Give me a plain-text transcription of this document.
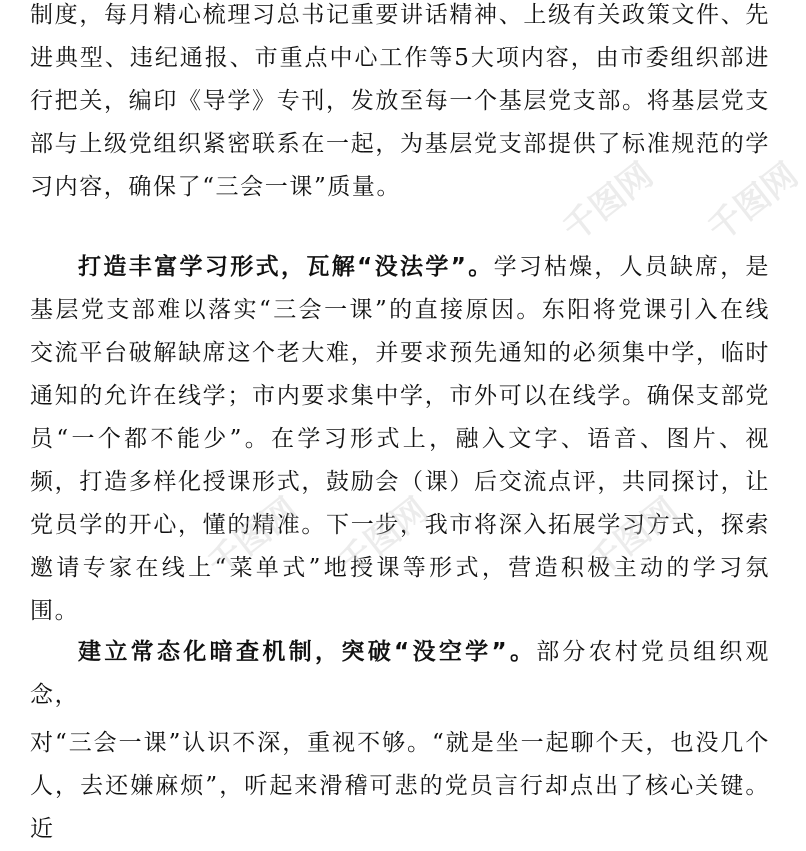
制度，每月精心梳理习总书记重要讲话精神、上级有关政策文件、先进典型、违纪通报、市重点中心工作等5大项内容，由市委组织部进行把关，编印《导学》专刊，发放至每一个基层党支部。将基层党支部与上级党组织紧密联系在一起，为基层党支部提供了标准规范的学习内容，确保了“三会一课”质量。

打造丰富学习形式，瓦解“没法学”。学习枯燥，人员缺席，是基层党支部难以落实“三会一课”的直接原因。东阳将党课引入在线交流平台破解缺席这个老大难，并要求预先通知的必须集中学，临时通知的允许在线学；市内要求集中学，市外可以在线学。确保支部党员“一个都不能少”。在学习形式上，融入文字、语音、图片、视频，打造多样化授课形式，鼓励会（课）后交流点评，共同探讨，让党员学的开心，懂的精准。下一步，我市将深入拓展学习方式，探索邀请专家在线上“菜单式”地授课等形式，营造积极主动的学习氛围。

建立常态化暗查机制，突破“没空学”。部分农村党员组织观念，

对“三会一课”认识不深，重视不够。“就是坐一起聊个天，也没几个人，去还嫌麻烦”，听起来滑稽可悲的党员言行却点出了核心关键。近

千图网 千图网
千图网 千图网	千图网
